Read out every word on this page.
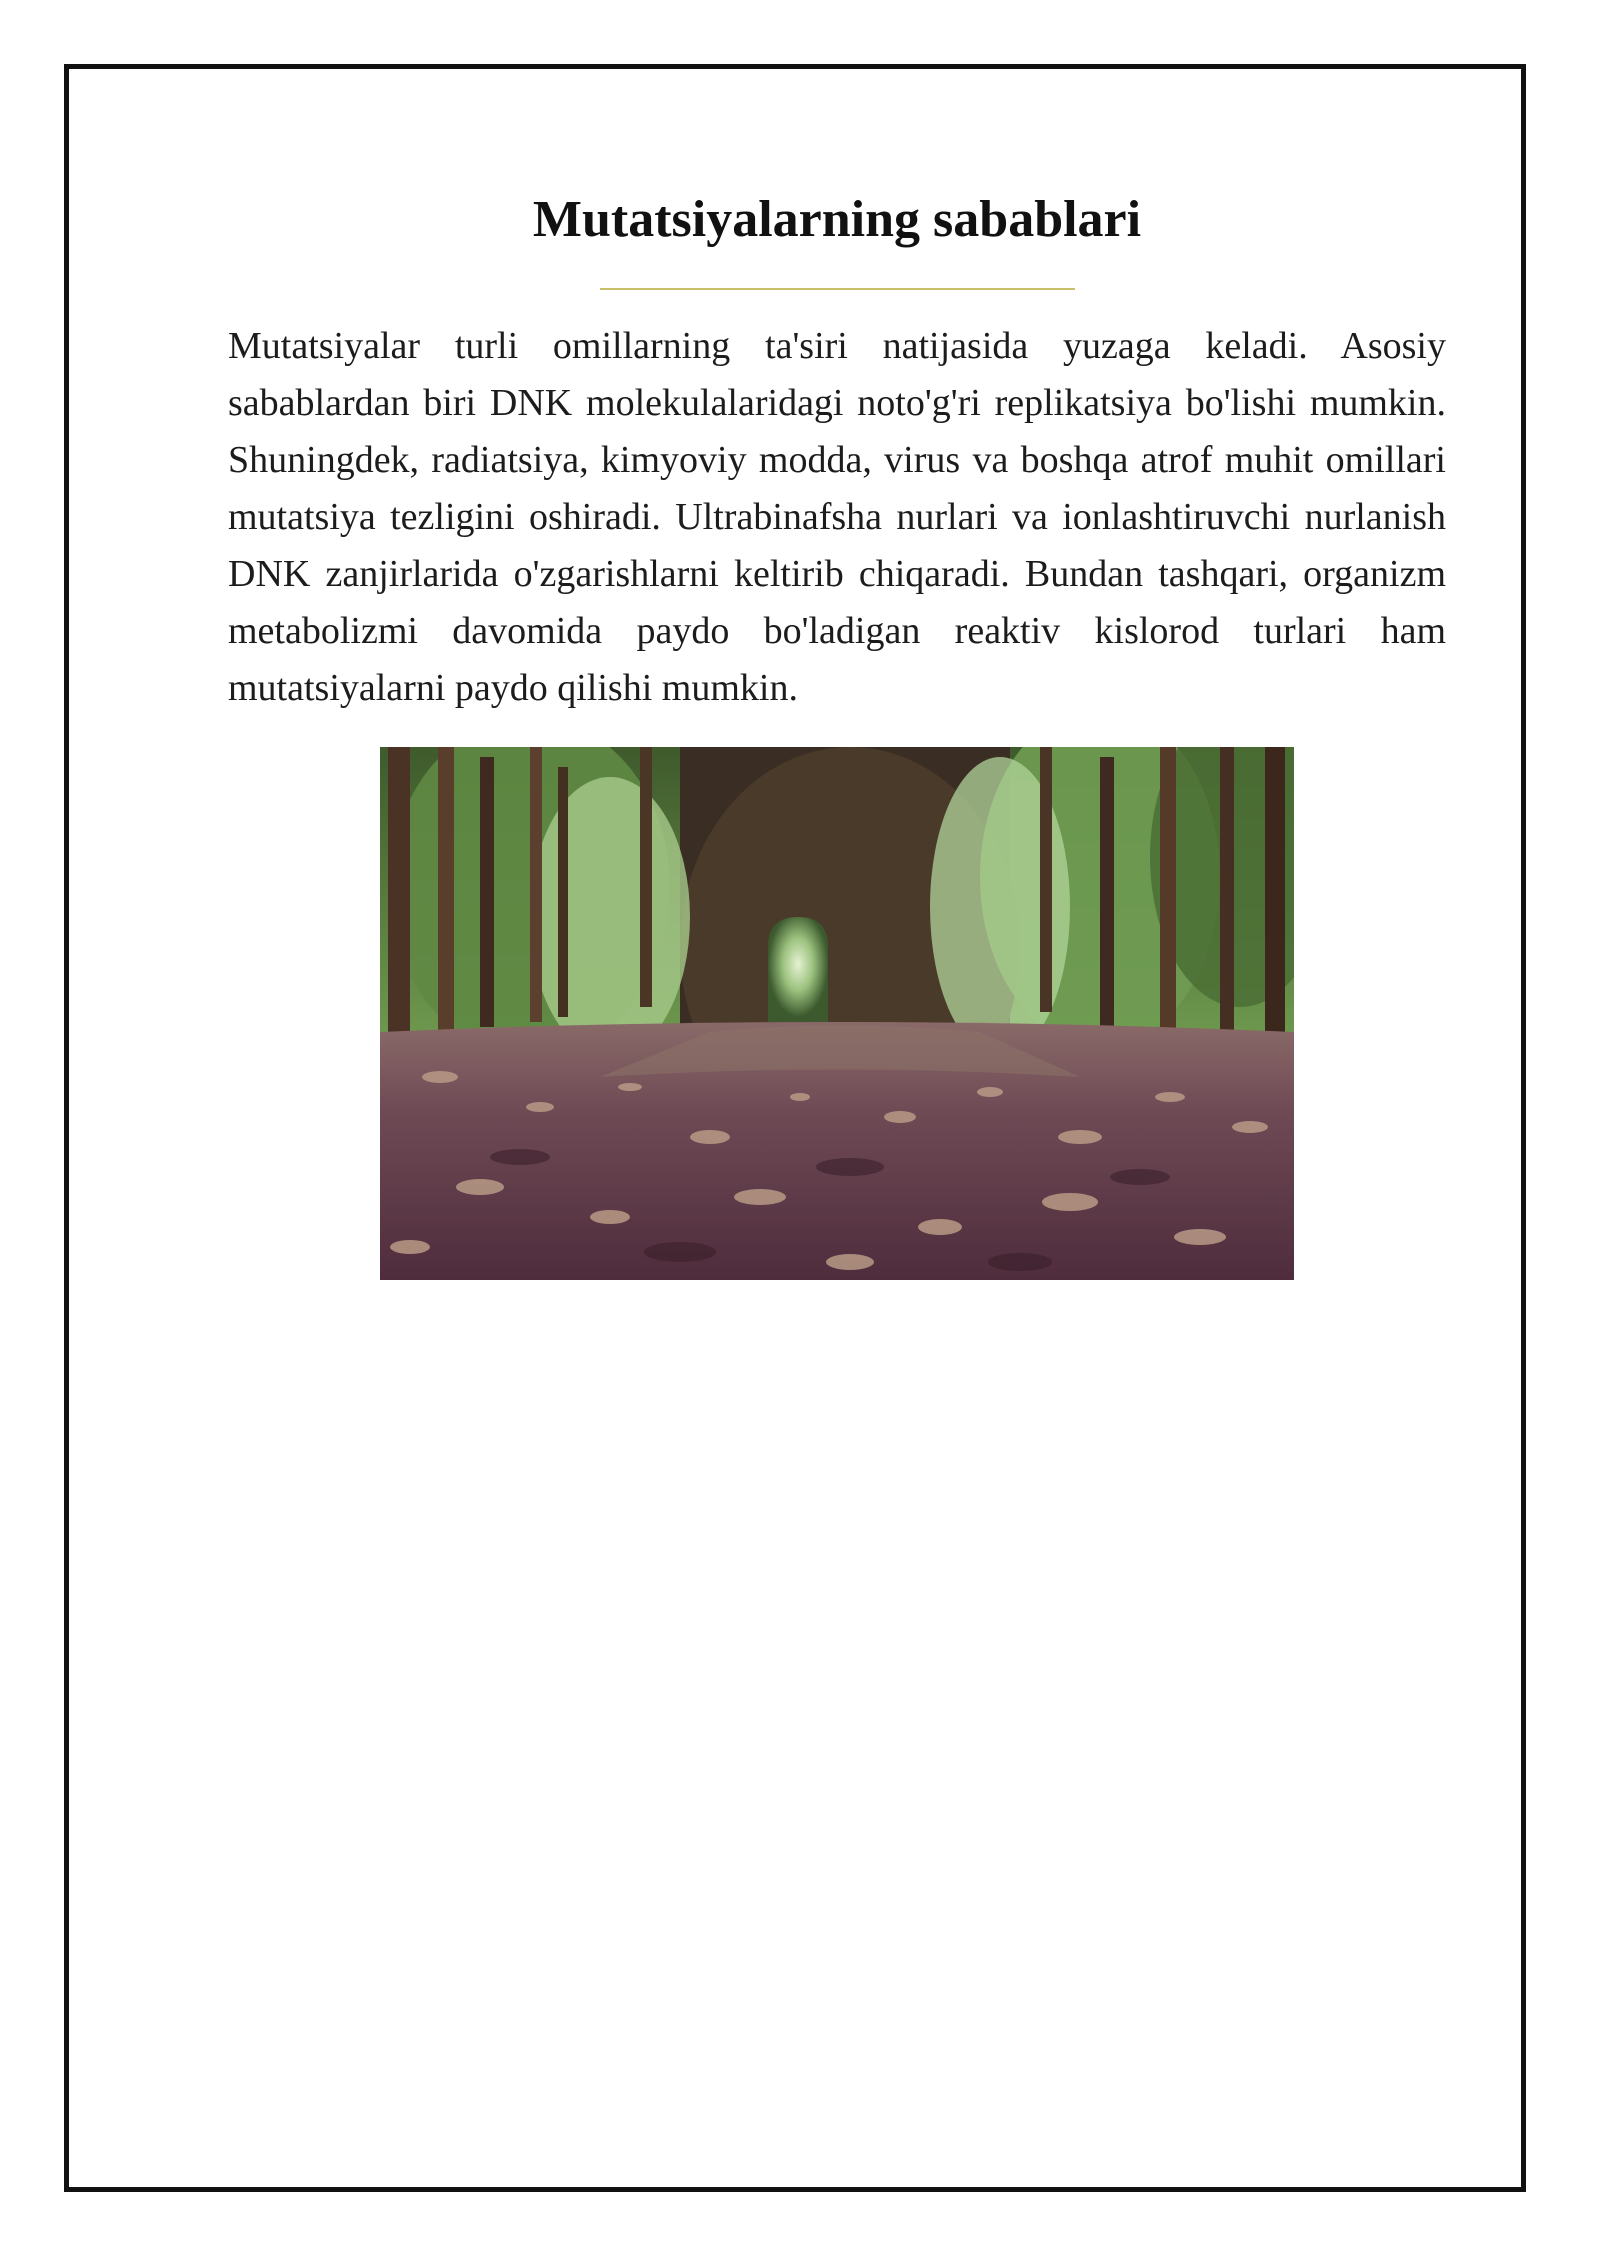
Mutatsiyalarning sabablari

Mutatsiyalar turli omillarning ta'siri natijasida yuzaga keladi. Asosiy sabablardan biri DNK molekulalaridagi noto'g'ri replikatsiya bo'lishi mumkin. Shuningdek, radiatsiya, kimyoviy modda, virus va boshqa atrof muhit omillari mutatsiya tezligini oshiradi. Ultrabinafsha nurlari va ionlashtiruvchi nurlanish DNK zanjirlarida o'zgarishlarni keltirib chiqaradi. Bundan tashqari, organizm metabolizmi davomida paydo bo'ladigan reaktiv kislorod turlari ham mutatsiyalarni paydo qilishi mumkin.
